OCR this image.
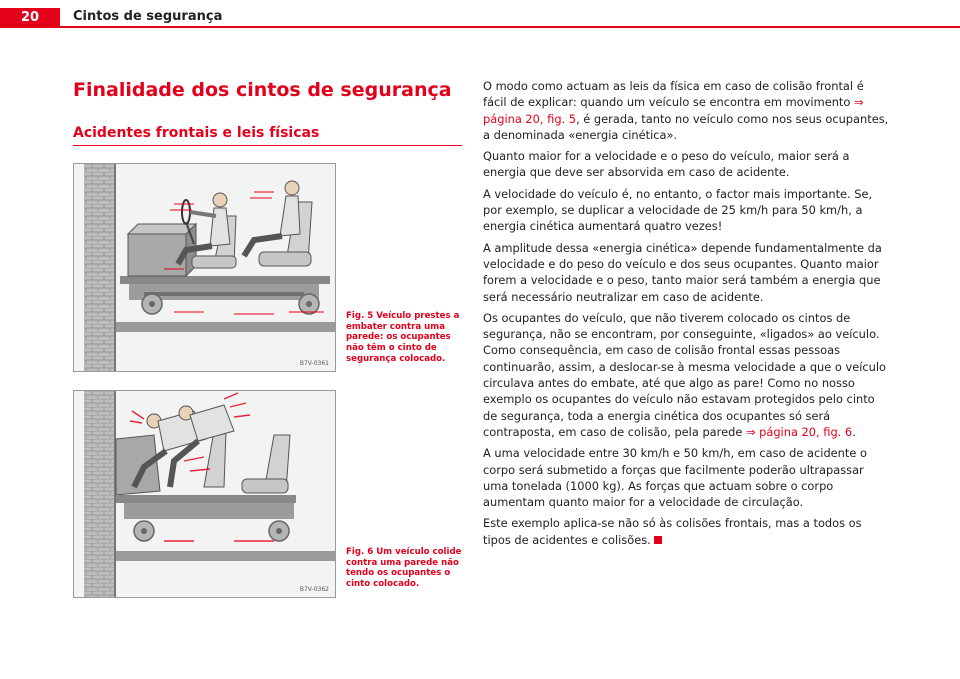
20	Cintos de segurança
Finalidade dos cintos de segurança
Acidentes frontais e leis físicas
B7V-0361
Fig. 5 Veículo prestes a embater contra uma parede: os ocupantes não têm o cinto de segurança colocado.
B7V-0362
Fig. 6 Um veículo colide contra uma parede não tendo os ocupantes o cinto colocado.

O modo como actuam as leis da física em caso de colisão frontal é fácil de explicar: quando um veículo se encontra em movimento ⇒ página 20, fig. 5, é gerada, tanto no veículo como nos seus ocupantes, a denominada «energia cinética».

Quanto maior for a velocidade e o peso do veículo, maior será a energia que deve ser absorvida em caso de acidente.

A velocidade do veículo é, no entanto, o factor mais importante. Se, por exemplo, se duplicar a velocidade de 25 km/h para 50 km/h, a energia cinética aumentará quatro vezes!

A amplitude dessa «energia cinética» depende fundamentalmente da velocidade e do peso do veículo e dos seus ocupantes. Quanto maior forem a velocidade e o peso, tanto maior será também a energia que será necessário neutralizar em caso de acidente.

Os ocupantes do veículo, que não tiverem colocado os cintos de segurança, não se encontram, por conseguinte, «ligados» ao veículo. Como consequência, em caso de colisão frontal essas pessoas continuarão, assim, a deslocar-se à mesma velocidade a que o veículo circulava antes do embate, até que algo as pare! Como no nosso exemplo os ocupantes do veículo não estavam protegidos pelo cinto de segurança, toda a energia cinética dos ocupantes só será contraposta, em caso de colisão, pela parede ⇒ página 20, fig. 6.

A uma velocidade entre 30 km/h e 50 km/h, em caso de acidente o corpo será submetido a forças que facilmente poderão ultrapassar uma tonelada (1000 kg). As forças que actuam sobre o corpo aumentam quanto maior for a velocidade de circulação.

Este exemplo aplica-se não só às colisões frontais, mas a todos os tipos de acidentes e colisões.
